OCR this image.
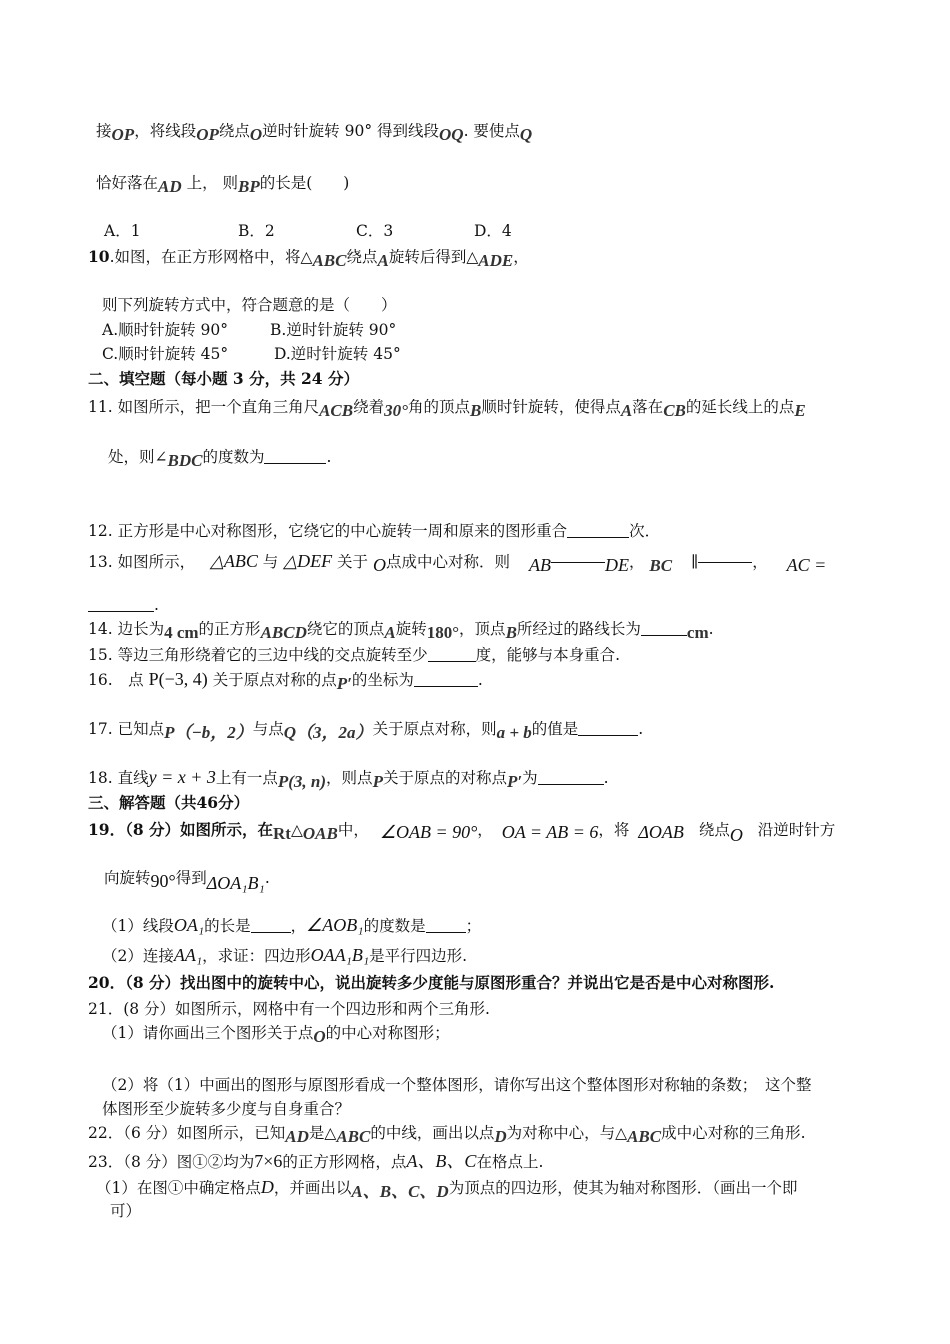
接OP，将线段OP绕点O逆时针旋转 90° 得到线段OQ. 要使点Q
恰好落在AD 上， 则BP的长是(　　)
A．1	B．2	C．3	D．4
10.如图，在正方形网格中，将△ABC绕点A旋转后得到△ADE，
则下列旋转方式中，符合题意的是（　　）
A.顺时针旋转 90°	B.逆时针旋转 90°
C.顺时针旋转 45°	D.逆时针旋转 45°
二、填空题（每小题 3 分，共 24 分）
11. 如图所示，把一个直角三角尺ACB绕着30°角的顶点B顺时针旋转，使得点A落在CB的延长线上的点E
处，则∠BDC的度数为	.
12. 正方形是中心对称图形，它绕它的中心旋转一周和原来的图形重合	次．
13. 如图所示， △ABC 与 △DEF 关于 O点成中心对称．则 AB	DE， BC ∥	， AC =
.
14. 边长为4 cm的正方形ABCD绕它的顶点A旋转180°，顶点B所经过的路线长为	cm.
15. 等边三角形绕着它的三边中线的交点旋转至少	度，能够与本身重合.
16.　点 P(−3, 4) 关于原点对称的点P′的坐标为	.
17. 已知点P（−b，2）与点Q（3，2a）关于原点对称，则a + b的值是	.
18. 直线y = x + 3上有一点P(3, n)，则点P关于原点的对称点P′为	.
三、解答题（共46分）
19．（8 分）如图所示，在Rt△OAB中， ∠OAB = 90°， OA = AB = 6，将 ΔOAB 绕点O 沿逆时针方
向旋转90°得到ΔOA₁B₁.
（1）线段OA₁的长是	，∠AOB₁的度数是	；
（2）连接AA₁，求证：四边形OAA₁B₁是平行四边形.
20．（8 分）找出图中的旋转中心，说出旋转多少度能与原图形重合？并说出它是否是中心对称图形.
21．(8 分）如图所示，网格中有一个四边形和两个三角形.
（1）请你画出三个图形关于点O的中心对称图形；
（2）将（1）中画出的图形与原图形看成一个整体图形，请你写出这个整体图形对称轴的条数；　这个整
体图形至少旋转多少度与自身重合？
22．（6 分）如图所示，已知AD是△ABC的中线，画出以点D为对称中心，与△ABC成中心对称的三角形.
23．（8 分）图①②均为7×6的正方形网格，点A、B、C在格点上.
（1）在图①中确定格点D，并画出以A、B、C、D为顶点的四边形，使其为轴对称图形．（画出一个即
可）
